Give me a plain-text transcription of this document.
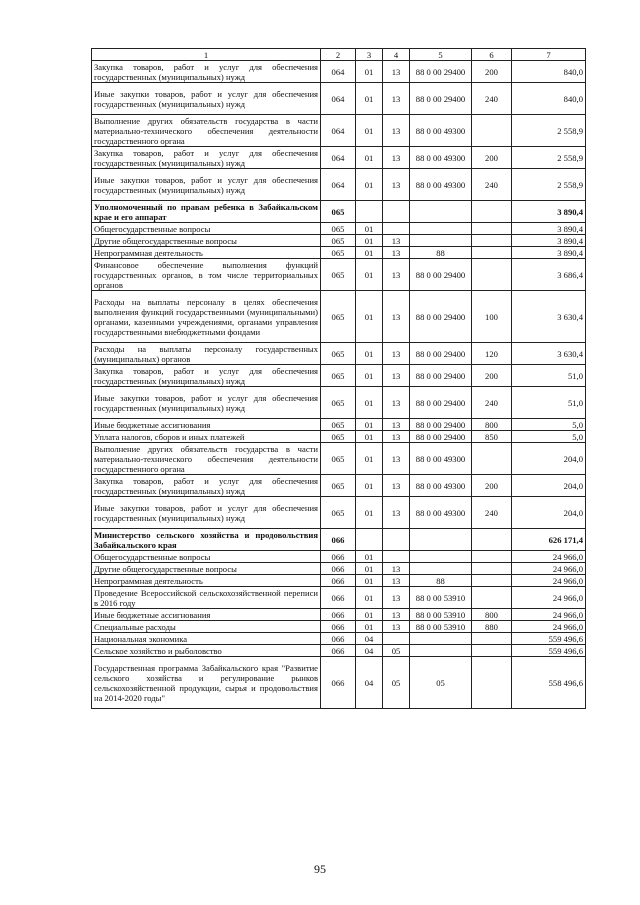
1	2	3	4	5	6	7
Закупка товаров, работ и услуг для обеспечения государственных (муниципальных) нужд	064	01	13	88 0 00 29400	200	840,0
Иные закупки товаров, работ и услуг для обеспечения государственных (муниципальных) нужд	064	01	13	88 0 00 29400	240	840,0
Выполнение других обязательств государства в части материально-технического обеспечения деятельности государственного органа	064	01	13	88 0 00 49300		2 558,9
Закупка товаров, работ и услуг для обеспечения государственных (муниципальных) нужд	064	01	13	88 0 00 49300	200	2 558,9
Иные закупки товаров, работ и услуг для обеспечения государственных (муниципальных) нужд	064	01	13	88 0 00 49300	240	2 558,9
Уполномоченный по правам ребенка в Забайкальском крае и его аппарат	065					3 890,4
Общегосударственные вопросы	065	01				3 890,4
Другие общегосударственные вопросы	065	01	13			3 890,4
Непрограммная деятельность	065	01	13	88		3 890,4
Финансовое обеспечение выполнения функций государственных органов, в том числе территориальных органов	065	01	13	88 0 00 29400		3 686,4
Расходы на выплаты персоналу в целях обеспечения выполнения функций государственными (муниципальными) органами, казенными учреждениями, органами управления государственными внебюджетными фондами	065	01	13	88 0 00 29400	100	3 630,4
Расходы на выплаты персоналу государственных (муниципальных) органов	065	01	13	88 0 00 29400	120	3 630,4
Закупка товаров, работ и услуг для обеспечения государственных (муниципальных) нужд	065	01	13	88 0 00 29400	200	51,0
Иные закупки товаров, работ и услуг для обеспечения государственных (муниципальных) нужд	065	01	13	88 0 00 29400	240	51,0
Иные бюджетные ассигнования	065	01	13	88 0 00 29400	800	5,0
Уплата налогов, сборов и иных платежей	065	01	13	88 0 00 29400	850	5,0
Выполнение других обязательств государства в части материально-технического обеспечения деятельности государственного органа	065	01	13	88 0 00 49300		204,0
Закупка товаров, работ и услуг для обеспечения государственных (муниципальных) нужд	065	01	13	88 0 00 49300	200	204,0
Иные закупки товаров, работ и услуг для обеспечения государственных (муниципальных) нужд	065	01	13	88 0 00 49300	240	204,0
Министерство сельского хозяйства и продовольствия Забайкальского края	066					626 171,4
Общегосударственные вопросы	066	01				24 966,0
Другие общегосударственные вопросы	066	01	13			24 966,0
Непрограммная деятельность	066	01	13	88		24 966,0
Проведение Всероссийской сельскохозяйственной переписи в 2016 году	066	01	13	88 0 00 53910		24 966,0
Иные бюджетные ассигнования	066	01	13	88 0 00 53910	800	24 966,0
Специальные расходы	066	01	13	88 0 00 53910	880	24 966,0
Национальная экономика	066	04				559 496,6
Сельское хозяйство и рыболовство	066	04	05			559 496,6
Государственная программа Забайкальского края "Развитие сельского хозяйства и регулирование рынков сельскохозяйственной продукции, сырья и продовольствия на 2014-2020 годы"	066	04	05	05		558 496,6
95
